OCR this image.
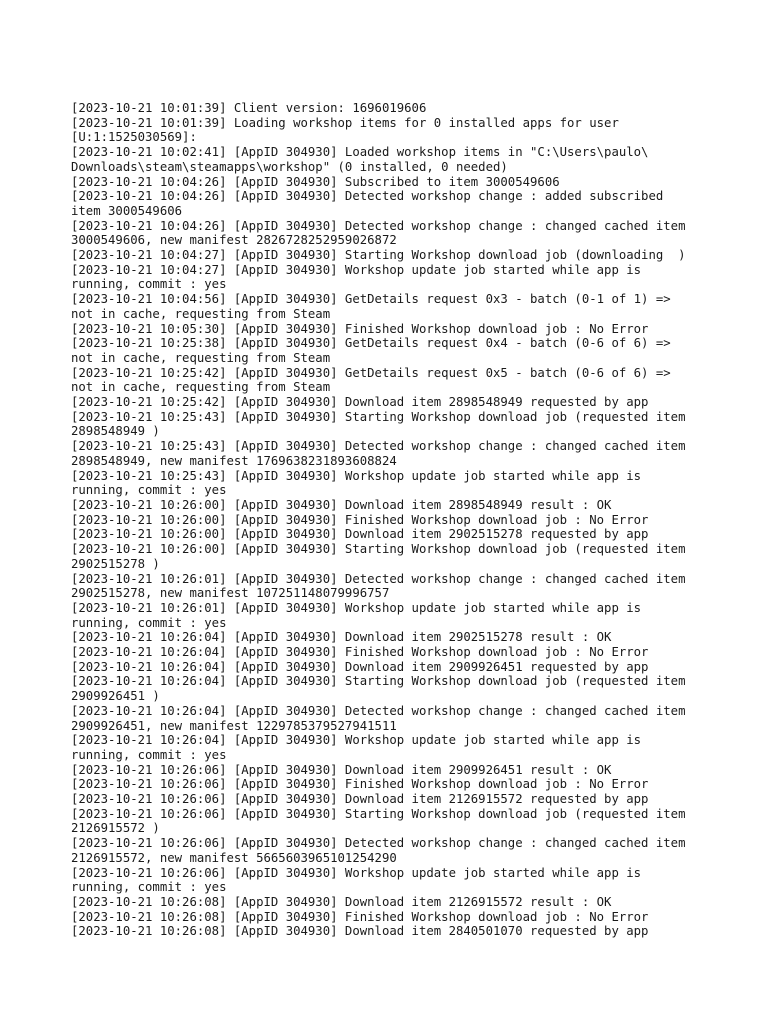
[2023-10-21 10:01:39] Client version: 1696019606
[2023-10-21 10:01:39] Loading workshop items for 0 installed apps for user
[U:1:1525030569]:
[2023-10-21 10:02:41] [AppID 304930] Loaded workshop items in "C:\Users\paulo\
Downloads\steam\steamapps\workshop" (0 installed, 0 needed)
[2023-10-21 10:04:26] [AppID 304930] Subscribed to item 3000549606
[2023-10-21 10:04:26] [AppID 304930] Detected workshop change : added subscribed
item 3000549606
[2023-10-21 10:04:26] [AppID 304930] Detected workshop change : changed cached item
3000549606, new manifest 2826728252959026872
[2023-10-21 10:04:27] [AppID 304930] Starting Workshop download job (downloading  )
[2023-10-21 10:04:27] [AppID 304930] Workshop update job started while app is
running, commit : yes
[2023-10-21 10:04:56] [AppID 304930] GetDetails request 0x3 - batch (0-1 of 1) =>
not in cache, requesting from Steam
[2023-10-21 10:05:30] [AppID 304930] Finished Workshop download job : No Error
[2023-10-21 10:25:38] [AppID 304930] GetDetails request 0x4 - batch (0-6 of 6) =>
not in cache, requesting from Steam
[2023-10-21 10:25:42] [AppID 304930] GetDetails request 0x5 - batch (0-6 of 6) =>
not in cache, requesting from Steam
[2023-10-21 10:25:42] [AppID 304930] Download item 2898548949 requested by app
[2023-10-21 10:25:43] [AppID 304930] Starting Workshop download job (requested item
2898548949 )
[2023-10-21 10:25:43] [AppID 304930] Detected workshop change : changed cached item
2898548949, new manifest 1769638231893608824
[2023-10-21 10:25:43] [AppID 304930] Workshop update job started while app is
running, commit : yes
[2023-10-21 10:26:00] [AppID 304930] Download item 2898548949 result : OK
[2023-10-21 10:26:00] [AppID 304930] Finished Workshop download job : No Error
[2023-10-21 10:26:00] [AppID 304930] Download item 2902515278 requested by app
[2023-10-21 10:26:00] [AppID 304930] Starting Workshop download job (requested item
2902515278 )
[2023-10-21 10:26:01] [AppID 304930] Detected workshop change : changed cached item
2902515278, new manifest 1072511480799967​57
[2023-10-21 10:26:01] [AppID 304930] Workshop update job started while app is
running, commit : yes
[2023-10-21 10:26:04] [AppID 304930] Download item 2902515278 result : OK
[2023-10-21 10:26:04] [AppID 304930] Finished Workshop download job : No Error
[2023-10-21 10:26:04] [AppID 304930] Download item 2909926451 requested by app
[2023-10-21 10:26:04] [AppID 304930] Starting Workshop download job (requested item
2909926451 )
[2023-10-21 10:26:04] [AppID 304930] Detected workshop change : changed cached item
2909926451, new manifest 1229785379527941511
[2023-10-21 10:26:04] [AppID 304930] Workshop update job started while app is
running, commit : yes
[2023-10-21 10:26:06] [AppID 304930] Download item 2909926451 result : OK
[2023-10-21 10:26:06] [AppID 304930] Finished Workshop download job : No Error
[2023-10-21 10:26:06] [AppID 304930] Download item 2126915572 requested by app
[2023-10-21 10:26:06] [AppID 304930] Starting Workshop download job (requested item
2126915572 )
[2023-10-21 10:26:06] [AppID 304930] Detected workshop change : changed cached item
2126915572, new manifest 5665603965101254290
[2023-10-21 10:26:06] [AppID 304930] Workshop update job started while app is
running, commit : yes
[2023-10-21 10:26:08] [AppID 304930] Download item 2126915572 result : OK
[2023-10-21 10:26:08] [AppID 304930] Finished Workshop download job : No Error
[2023-10-21 10:26:08] [AppID 304930] Download item 2840501070 requested by app
